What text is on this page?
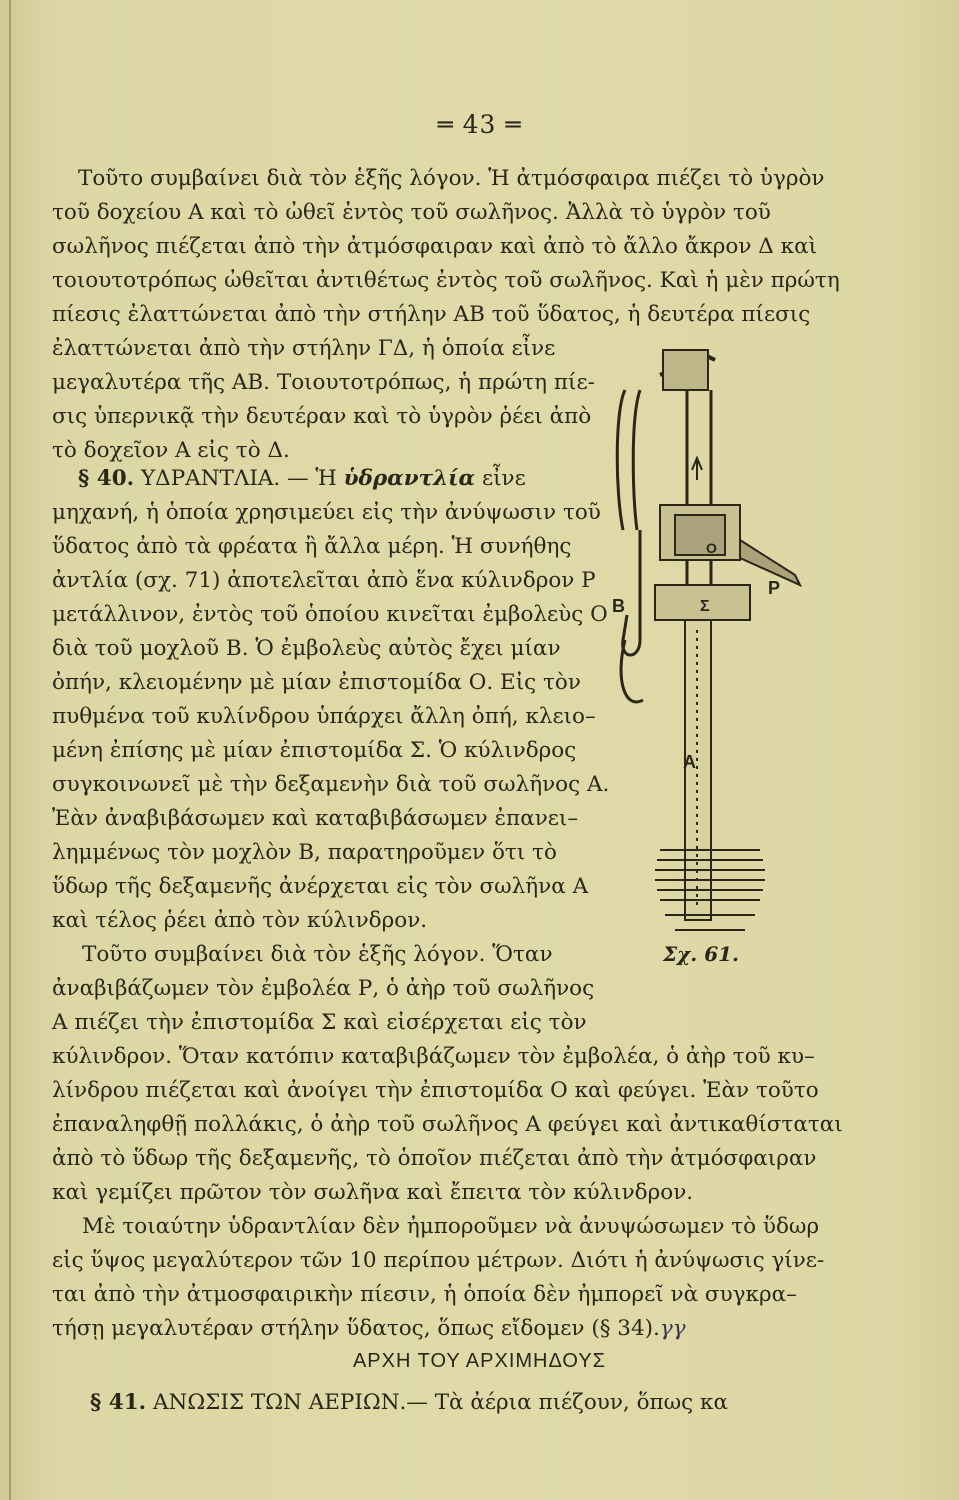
═ 43 ═
Τοῦτο συμβαίνει διὰ τὸν ἑξῆς λόγον. Ἡ ἀτμόσφαιρα πιέζει τὸ ὑγρὸν
τοῦ δοχείου Α καὶ τὸ ὠθεῖ ἐντὸς τοῦ σωλῆνος. Ἀλλὰ τὸ ὑγρὸν τοῦ
σωλῆνος πιέζεται ἀπὸ τὴν ἀτμόσφαιραν καὶ ἀπὸ τὸ ἄλλο ἄκρον Δ καὶ
τοιουτοτρόπως ὠθεῖται ἀντιθέτως ἐντὸς τοῦ σωλῆνος. Καὶ ἡ μὲν πρώτη
πίεσις ἐλαττώνεται ἀπὸ τὴν στήλην ΑΒ τοῦ ὕδατος, ἡ δευτέρα πίεσις
ἐλαττώνεται ἀπὸ τὴν στήλην ΓΔ, ἡ ὁποία εἶνε
μεγαλυτέρα τῆς ΑΒ. Τοιουτοτρόπως, ἡ πρώτη πίε-
σις ὑπερνικᾷ τὴν δευτέραν καὶ τὸ ὑγρὸν ῥέει ἀπὸ
τὸ δοχεῖον Α εἰς τὸ Δ.
§ 40. ΥΔΡΑΝΤΛΙΑ. — Ἡ ὑδραντλία εἶνε
μηχανή, ἡ ὁποία χρησιμεύει εἰς τὴν ἀνύψωσιν τοῦ
ὕδατος ἀπὸ τὰ φρέατα ἢ ἄλλα μέρη. Ἡ συνήθης
ἀντλία (σχ. 71) ἀποτελεῖται ἀπὸ ἕνα κύλινδρον Ρ
μετάλλινον, ἐντὸς τοῦ ὁποίου κινεῖται ἐμβολεὺς Ο
διὰ τοῦ μοχλοῦ Β. Ὁ ἐμβολεὺς αὐτὸς ἔχει μίαν
ὀπήν, κλειομένην μὲ μίαν ἐπιστομίδα Ο. Εἰς τὸν
πυθμένα τοῦ κυλίνδρου ὑπάρχει ἄλλη ὀπή, κλειο–
μένη ἐπίσης μὲ μίαν ἐπιστομίδα Σ. Ὁ κύλινδρος
συγκοινωνεῖ μὲ τὴν δεξαμενὴν διὰ τοῦ σωλῆνος Α.
Ἐὰν ἀναβιβάσωμεν καὶ καταβιβάσωμεν ἐπανει–
λημμένως τὸν μοχλὸν Β, παρατηροῦμεν ὅτι τὸ
ὕδωρ τῆς δεξαμενῆς ἀνέρχεται εἰς τὸν σωλῆνα Α
καὶ τέλος ῥέει ἀπὸ τὸν κύλινδρον.
Τοῦτο συμβαίνει διὰ τὸν ἑξῆς λόγον. Ὅταν
ἀναβιβάζωμεν τὸν ἐμβολέα Ρ, ὁ ἀὴρ τοῦ σωλῆνος
Α πιέζει τὴν ἐπιστομίδα Σ καὶ εἰσέρχεται εἰς τὸν
κύλινδρον. Ὅταν κατόπιν καταβιβάζωμεν τὸν ἐμβολέα, ὁ ἀὴρ τοῦ κυ–
λίνδρου πιέζεται καὶ ἀνοίγει τὴν ἐπιστομίδα Ο καὶ φεύγει. Ἐὰν τοῦτο
ἐπαναληφθῇ πολλάκις, ὁ ἀὴρ τοῦ σωλῆνος Α φεύγει καὶ ἀντικαθίσταται
ἀπὸ τὸ ὕδωρ τῆς δεξαμενῆς, τὸ ὁποῖον πιέζεται ἀπὸ τὴν ἀτμόσφαιραν
καὶ γεμίζει πρῶτον τὸν σωλῆνα καὶ ἔπειτα τὸν κύλινδρον.
Μὲ τοιαύτην ὑδραντλίαν δὲν ἠμποροῦμεν νὰ ἀνυψώσωμεν τὸ ὕδωρ
εἰς ὕψος μεγαλύτερον τῶν 10 περίπου μέτρων. Διότι ἡ ἀνύψωσις γίνε-
ται ἀπὸ τὴν ἀτμοσφαιρικὴν πίεσιν, ἡ ὁποία δὲν ἠμπορεῖ νὰ συγκρα–
τήσῃ μεγαλυτέραν στήλην ὕδατος, ὅπως εἴδομεν (§ 34).γγ
ΑΡΧΗ ΤΟΥ ΑΡΧΙΜΗΔΟΥΣ
§ 41. ΑΝΩΣΙΣ ΤΩΝ ΑΕΡΙΩΝ.— Τὰ ἀέρια πιέζουν, ὅπως κα
B
P
A
O
Σ
Σχ. 61.
